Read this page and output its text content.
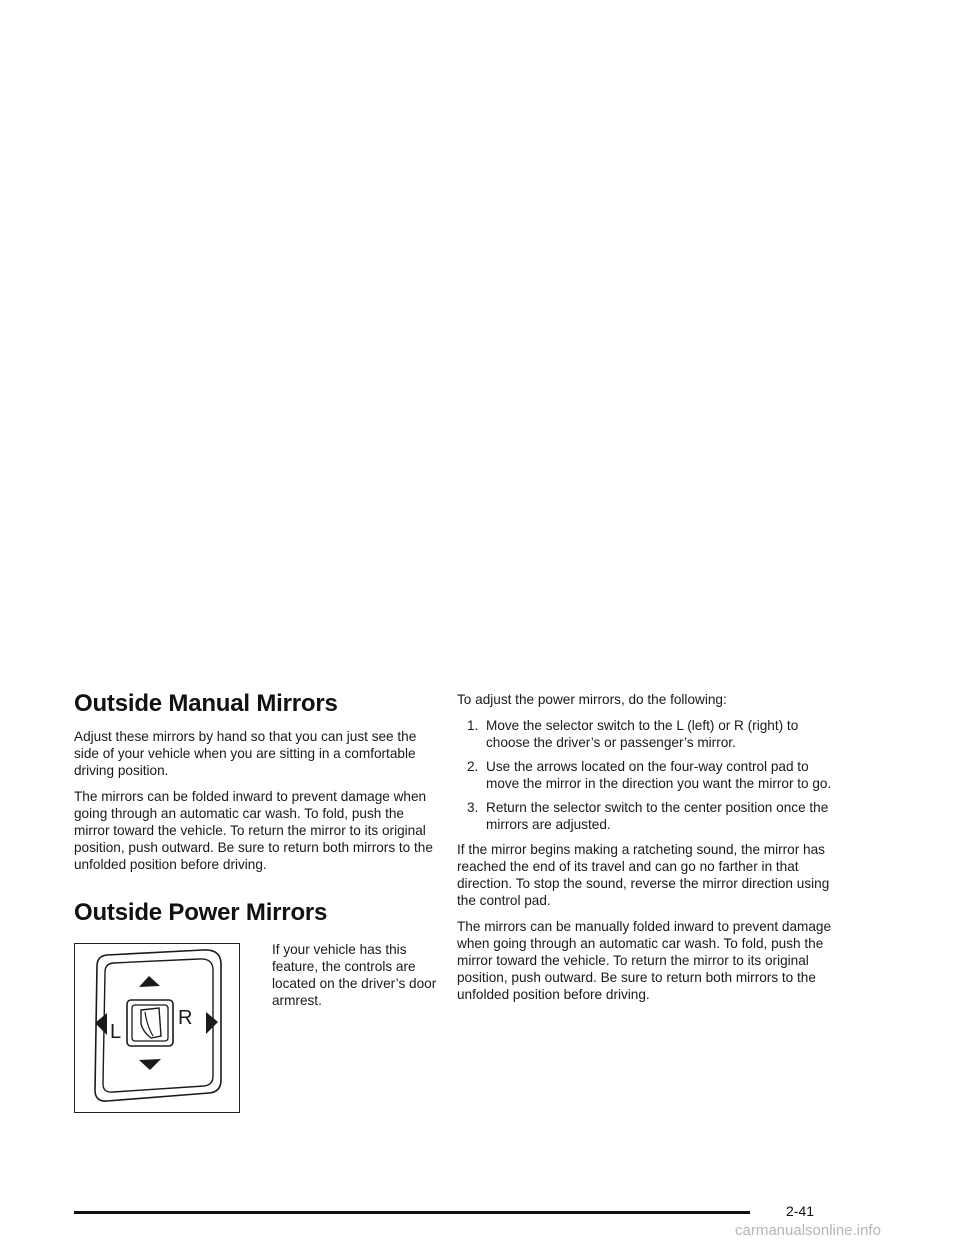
Outside Manual Mirrors

Adjust these mirrors by hand so that you can just see the side of your vehicle when you are sitting in a comfortable driving position.

The mirrors can be folded inward to prevent damage when going through an automatic car wash. To fold, push the mirror toward the vehicle. To return the mirror to its original position, push outward. Be sure to return both mirrors to the unfolded position before driving.

Outside Power Mirrors
L
R

If your vehicle has this feature, the controls are located on the driver’s door armrest.

To adjust the power mirrors, do the following:

1. Move the selector switch to the L (left) or R (right) to choose the driver’s or passenger’s mirror.
2. Use the arrows located on the four-way control pad to move the mirror in the direction you want the mirror to go.
3. Return the selector switch to the center position once the mirrors are adjusted.

If the mirror begins making a ratcheting sound, the mirror has reached the end of its travel and can go no farther in that direction. To stop the sound, reverse the mirror direction using the control pad.

The mirrors can be manually folded inward to prevent damage when going through an automatic car wash. To fold, push the mirror toward the vehicle. To return the mirror to its original position, push outward. Be sure to return both mirrors to the unfolded position before driving.

2-41
carmanualsonline.info
